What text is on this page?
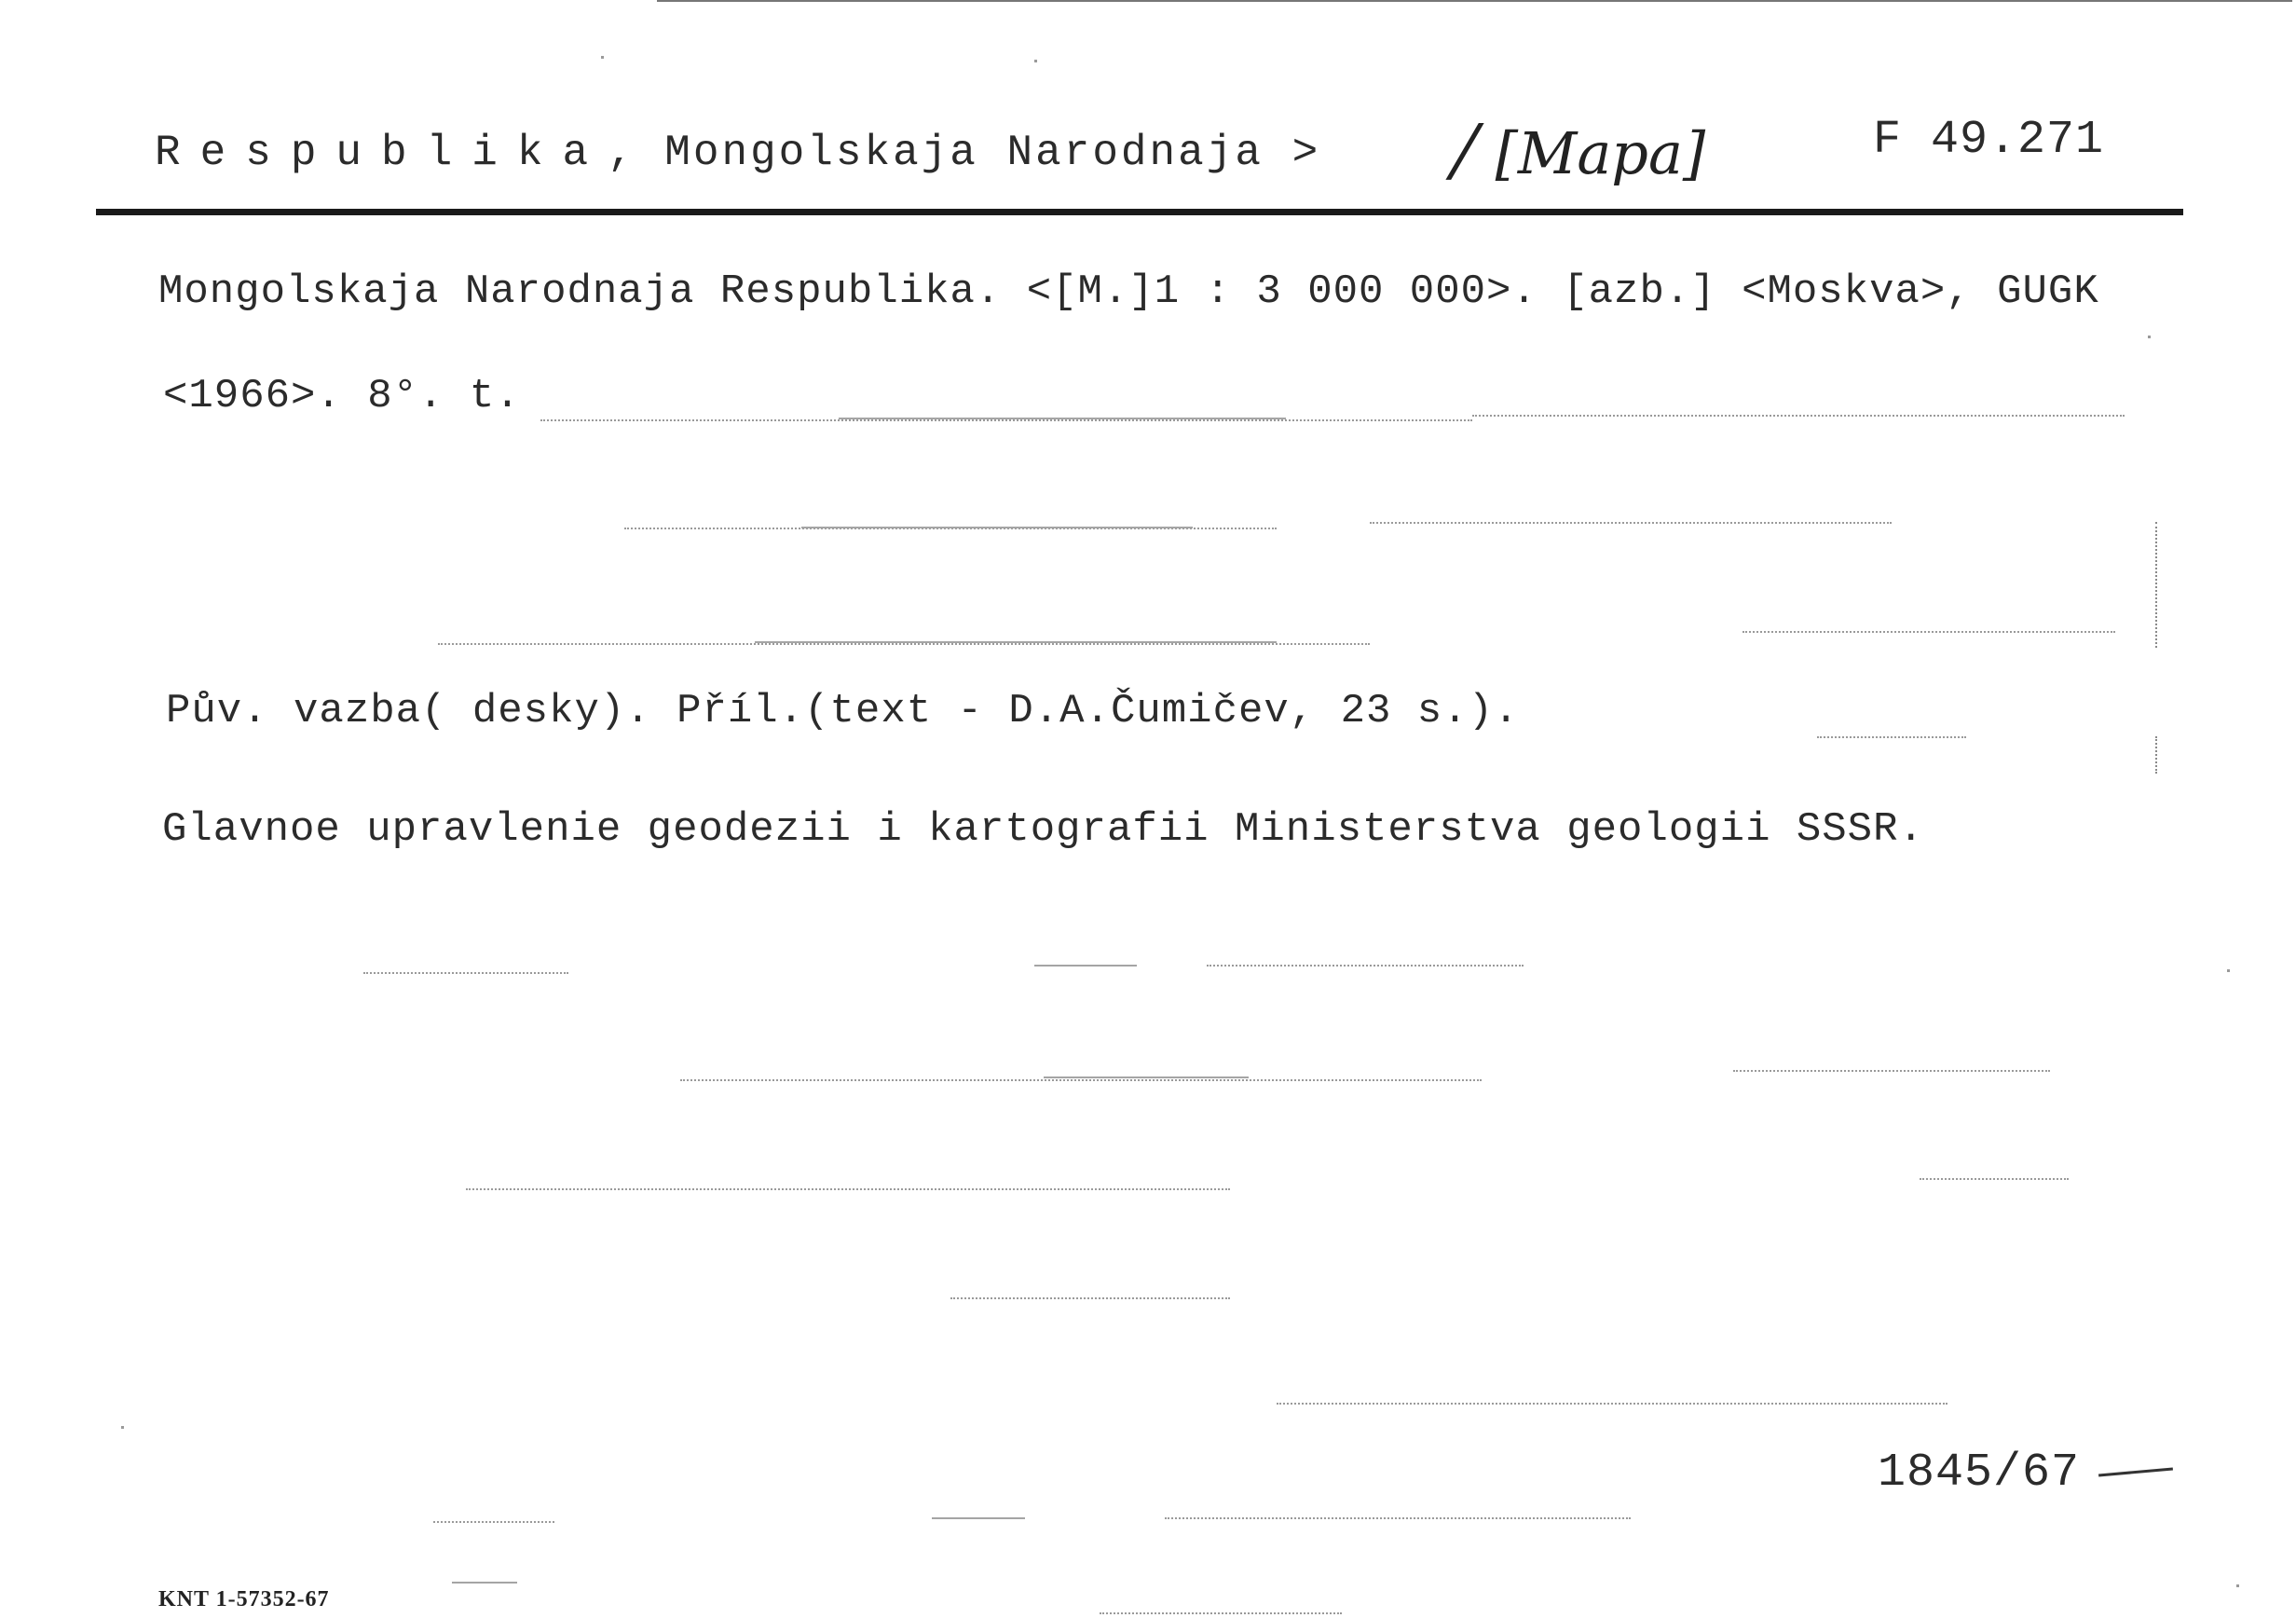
Respublika, Mongolskaja Narodnaja > / [Mapa]	F 49.271
Mongolskaja Narodnaja Respublika. <[M.]1 : 3 000 000>. [azb.] <Moskva>, GUGK
<1966>. 8°. t.
Pův. vazba( desky). Příl.(text - D.A.Čumičev, 23 s.).
Glavnoe upravlenie geodezii i kartografii Ministerstva geologii SSSR.
1845/67
KNT 1-57352-67
